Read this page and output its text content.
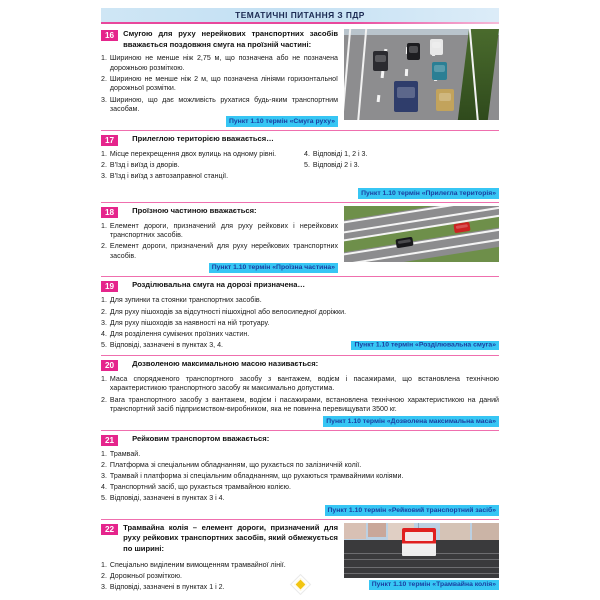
ТЕМАТИЧНІ ПИТАННЯ З ПДР
16	Смугою для руху нерейкових транспортних засобів вважається поздовжня смуга на проїзній частині:
1. Шириною не менше ніж 2,75 м, що позначена або не позначена дорожньою розміткою.
2. Шириною не менше ніж 2 м, що позначена лініями горизонтальної дорожньої розмітки.
3. Шириною, що дає можливість рухатися будь-яким транспортним засобам.
Пункт 1.10 термін «Смуга руху»
17	Прилеглою територією вважається…
1. Місце перехрещення двох вулиць на одному рівні.
2. В'їзд і виїзд із дворів.
3. В'їзд і виїзд з автозаправної станції.
4. Відповіді 1, 2 і 3.
5. Відповіді 2 і 3.
Пункт 1.10 термін «Прилегла територія»
18	Проїзною частиною вважається:
1. Елемент дороги, призначений для руху рейкових і нерейкових транспортних засобів.
2. Елемент дороги, призначений для руху нерейкових транспортних засобів.
Пункт 1.10 термін «Проїзна частина»
19	Розділювальна смуга на дорозі призначена…
1. Для зупинки та стоянки транспортних засобів.
2. Для руху пішоходів за відсутності пішохідної або велосипедної доріжки.
3. Для руху пішоходів за наявності на ній тротуару.
4. Для розділення суміжних проїзних частин.
5. Відповіді, зазначені в пунктах 3, 4.	Пункт 1.10 термін «Розділювальна смуга»
20	Дозволеною максимальною масою називається:
1. Маса спорядженого транспортного засобу з вантажем, водієм і пасажирами, що встановлена технічною характеристикою транспортного засобу як максимально допустима.
2. Вага транспортного засобу з вантажем, водієм і пасажирами, встановлена технічною характеристикою на даний транспортний засіб підприємством-виробником, яка не повинна перевищувати 3500 кг.
Пункт 1.10 термін «Дозволена максимальна маса»
21	Рейковим транспортом вважається:
1. Трамвай.
2. Платформа зі спеціальним обладнанням, що рухається по залізничній колії.
3. Трамвай і платформа зі спеціальним обладнанням, що рухаються трамвайними коліями.
4. Транспортний засіб, що рухається трамвайною колією.
5. Відповіді, зазначені в пунктах 3 і 4.
Пункт 1.10 термін «Рейковий транспортний засіб»
22	Трамвайна колія – елемент дороги, призначений для руху рейкових транспортних засобів, який обмежується по ширині:
1. Спеціально виділеним вимощенням трамвайної лінії.
2. Дорожньої розміткою.
3. Відповіді, зазначені в пунктах 1 і 2.	Пункт 1.10 термін «Трамвайна колія»
